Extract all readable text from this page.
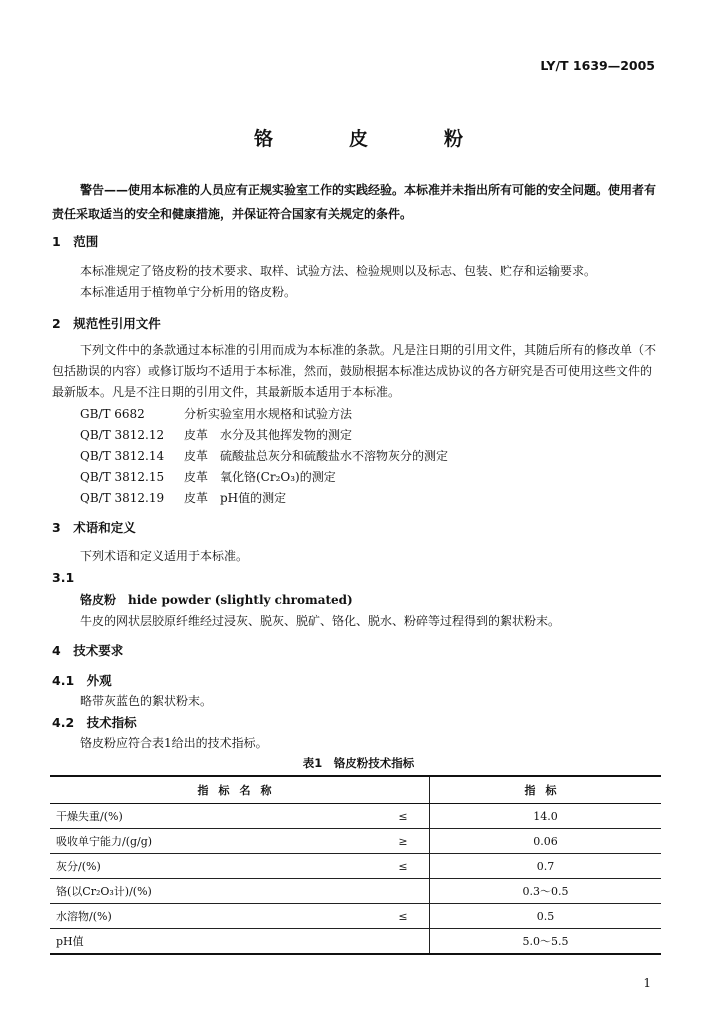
LY/T 1639—2005
铬	皮	粉
警告——使用本标准的人员应有正规实验室工作的实践经验。本标准并未指出所有可能的安全问题。使用者有责任采取适当的安全和健康措施，并保证符合国家有关规定的条件。
1　范围
本标准规定了铬皮粉的技术要求、取样、试验方法、检验规则以及标志、包装、贮存和运输要求。
本标准适用于植物单宁分析用的铬皮粉。
2　规范性引用文件
下列文件中的条款通过本标准的引用而成为本标准的条款。凡是注日期的引用文件，其随后所有的修改单（不包括勘误的内容）或修订版均不适用于本标准，然而，鼓励根据本标准达成协议的各方研究是否可使用这些文件的最新版本。凡是不注日期的引用文件，其最新版本适用于本标准。
GB/T 6682	分析实验室用水规格和试验方法
QB/T 3812.12 皮革　水分及其他挥发物的测定
QB/T 3812.14 皮革　硫酸盐总灰分和硫酸盐水不溶物灰分的测定
QB/T 3812.15 皮革　氧化铬(Cr₂O₃)的测定
QB/T 3812.19 皮革　pH值的测定
3　术语和定义
下列术语和定义适用于本标准。
3.1
铬皮粉　hide powder (slightly chromated)
牛皮的网状层胶原纤维经过浸灰、脱灰、脱矿、铬化、脱水、粉碎等过程得到的絮状粉末。
4　技术要求
4.1　外观
略带灰蓝色的絮状粉末。
4.2　技术指标
铬皮粉应符合表1给出的技术指标。
表1　铬皮粉技术指标
指标名称		指标
干燥失重/(%)	≤	14.0
吸收单宁能力/(g/g)	≥	0.06
灰分/(%)	≤	0.7
铬(以Cr₂O₃计)/(%)		0.3～0.5
水溶物/(%)	≤	0.5
pH值		5.0～5.5
1
